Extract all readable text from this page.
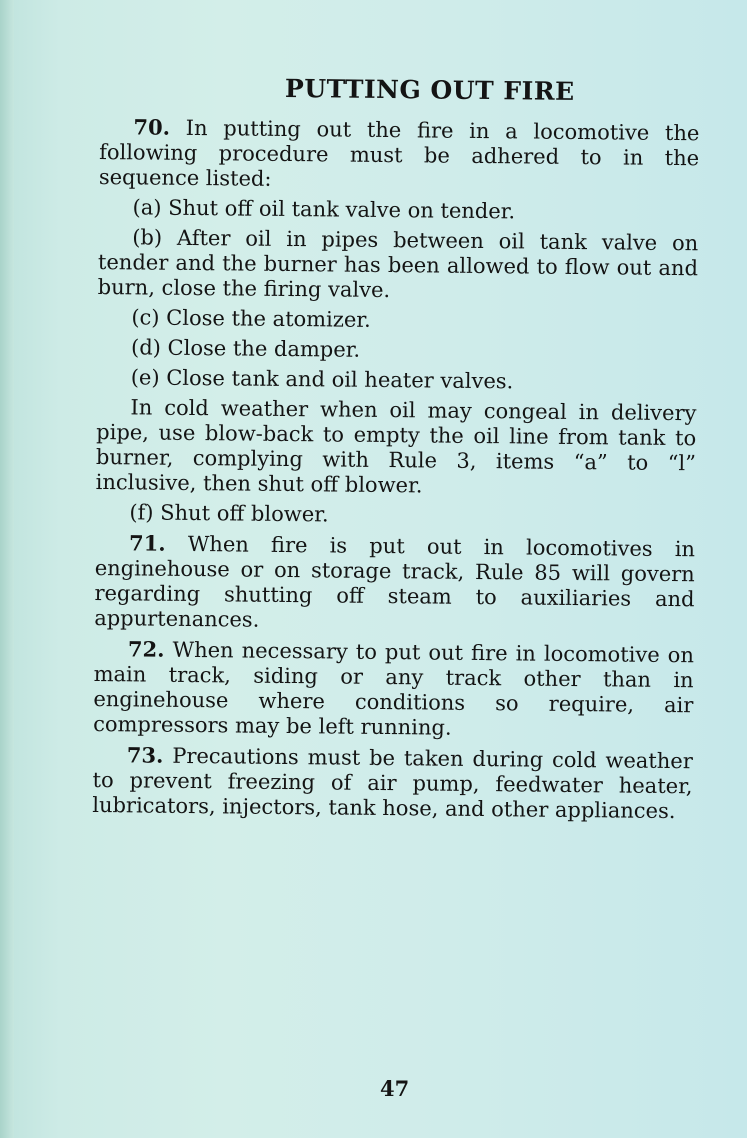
PUTTING OUT FIRE

70. In putting out the fire in a locomotive the following procedure must be adhered to in the sequence listed:

(a) Shut off oil tank valve on tender.

(b) After oil in pipes between oil tank valve on tender and the burner has been allowed to flow out and burn, close the firing valve.

(c) Close the atomizer.

(d) Close the damper.

(e) Close tank and oil heater valves.

In cold weather when oil may congeal in delivery pipe, use blow-back to empty the oil line from tank to burner, complying with Rule 3, items “a” to “l” inclusive, then shut off blower.

(f) Shut off blower.

71. When fire is put out in locomotives in enginehouse or on storage track, Rule 85 will govern regarding shutting off steam to auxiliaries and appurtenances.

72. When necessary to put out fire in locomotive on main track, siding or any track other than in enginehouse where conditions so require, air compressors may be left running.

73. Precautions must be taken during cold weather to prevent freezing of air pump, feedwater heater, lubricators, injectors, tank hose, and other appliances.

47
